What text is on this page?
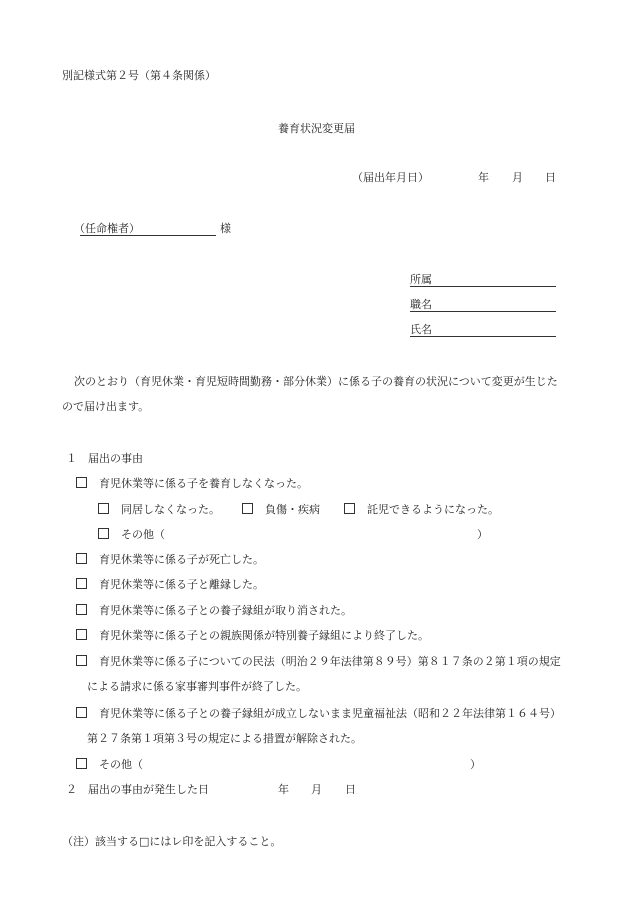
別記様式第２号（第４条関係）
養育状況変更届
（届出年月日）	年 月 日
（任命権者）	様
所属
職名
氏名
次のとおり（育児休業・育児短時間勤務・部分休業）に係る子の養育の状況について変更が生じた
ので届け出ます。
１　届出の事由
育児休業等に係る子を養育しなくなった。
同居しなくなった。	負傷・疾病	託児できるようになった。
その他（	）
育児休業等に係る子が死亡した。
育児休業等に係る子と離縁した。
育児休業等に係る子との養子縁組が取り消された。
育児休業等に係る子との親族関係が特別養子縁組により終了した。
育児休業等に係る子についての民法（明治２９年法律第８９号）第８１７条の２第１項の規定
による請求に係る家事審判事件が終了した。
育児休業等に係る子との養子縁組が成立しないまま児童福祉法（昭和２２年法律第１６４号）
第２７条第１項第３号の規定による措置が解除された。
その他（	）
２　届出の事由が発生した日	年 月 日
（注）該当する□にはレ印を記入すること。
